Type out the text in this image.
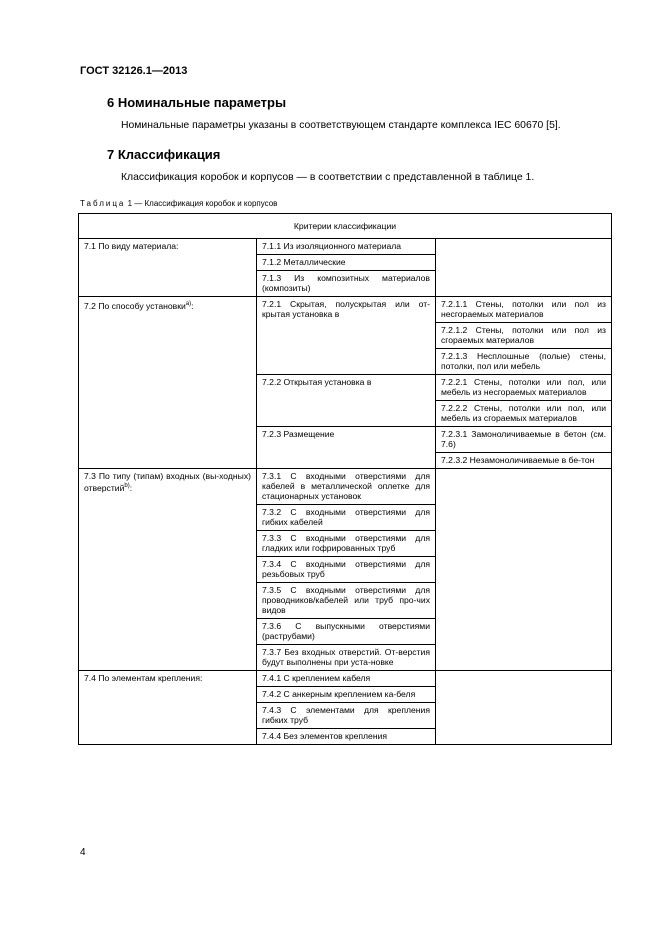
ГОСТ 32126.1—2013
6 Номинальные параметры
Номинальные параметры указаны в соответствующем стандарте комплекса IEC 60670 [5].
7 Классификация
Классификация коробок и корпусов — в соответствии с представленной в таблице 1.
Таблица 1 — Классификация коробок и корпусов
Критерии классификации		
7.1 По виду материала:	7.1.1 Из изоляционного материала	
	7.1.2 Металлические	
	7.1.3 Из композитных материалов (композиты)	
7.2 По способу установки$^{а)}$:	7.2.1 Скрытая, полускрытая или от-крытая установка в	7.2.1.1 Стены, потолки или пол из несгораемых материалов
		7.2.1.2 Стены, потолки или пол из сгораемых материалов
		7.2.1.3 Несплошные (полые) стены, потолки, пол или мебель
	7.2.2 Открытая установка в	7.2.2.1 Стены, потолки или пол, или мебель из несгораемых материалов
		7.2.2.2 Стены, потолки или пол, или мебель из сгораемых материалов
	7.2.3 Размещение	7.2.3.1 Замоноличиваемые в бетон (см. 7.6)
		7.2.3.2 Незамоноличиваемые в бе-тон
7.3 По типу (типам) входных (вы-ходных) отверстий$^{b)}$:	7.3.1 С входными отверстиями для кабелей в металлической оплетке для стационарных установок	
	7.3.2 С входными отверстиями для гибких кабелей	
	7.3.3 С входными отверстиями для гладких или гофрированных труб	
	7.3.4 С входными отверстиями для резьбовых труб	
	7.3.5 С входными отверстиями для проводников/кабелей или труб про-чих видов	
	7.3.6 С выпускными отверстиями (раструбами)	
	7.3.7 Без входных отверстий. От-верстия будут выполнены при уста-новке	
7.4 По элементам крепления:	7.4.1 С креплением кабеля	
	7.4.2 С анкерным креплением ка-беля	
	7.4.3 С элементами для крепления гибких труб	
	7.4.4 Без элементов крепления	
4
